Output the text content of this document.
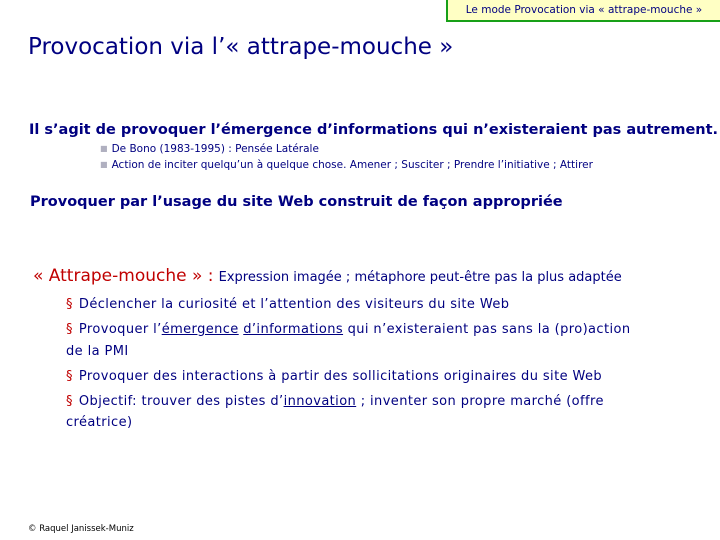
Le mode Provocation via « attrape-mouche »
Provocation via l’« attrape-mouche »
Il s’agit de provoquer l’émergence d’informations qui n’existeraient pas autrement.
■ De Bono (1983-1995) : Pensée Latérale
■ Action de inciter quelqu’un à quelque chose. Amener ; Susciter ; Prendre l’initiative ; Attirer
Provoquer par l’usage du site Web construit de façon appropriée
« Attrape-mouche » : Expression imagée ; métaphore peut-être pas la plus adaptée
§ Déclencher la curiosité et l’attention des visiteurs du site Web
§ Provoquer l’émergence d’informations qui n’existeraient pas sans la (pro)action
de la PMI
§ Provoquer des interactions à partir des sollicitations originaires du site Web
§ Objectif: trouver des pistes d’innovation ; inventer son propre marché (offre
créatrice)
© Raquel Janissek-Muniz
